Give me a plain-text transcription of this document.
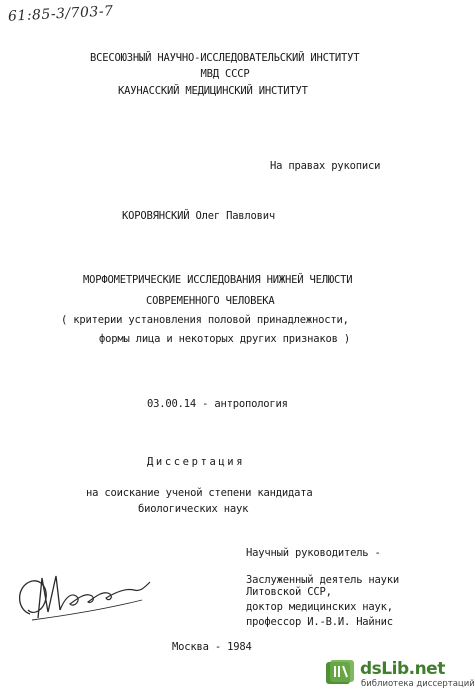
61:85-3/703-7
ВСЕСОЮЗНЫЙ НАУЧНО-ИССЛЕДОВАТЕЛЬСКИЙ ИНСТИТУТ
МВД СССР
КАУНАССКИЙ МЕДИЦИНСКИЙ ИНСТИТУТ
На правах рукописи
КОРОВЯНСКИЙ Олег Павлович
МОРФОМЕТРИЧЕСКИЕ ИССЛЕДОВАНИЯ НИЖНЕЙ ЧЕЛЮСТИ
СОВРЕМЕННОГО ЧЕЛОВЕКА
( критерии установления половой принадлежности,
формы лица и некоторых других признаков )
03.00.14 - антропология
Диссертация
на соискание ученой степени кандидата
биологических наук
Научный руководитель -
Заслуженный деятель науки
Литовской ССР,
доктор медицинских наук,
профессор И.-В.И. Найнис
Москва - 1984
dsLib.net
библиотека диссертаций
